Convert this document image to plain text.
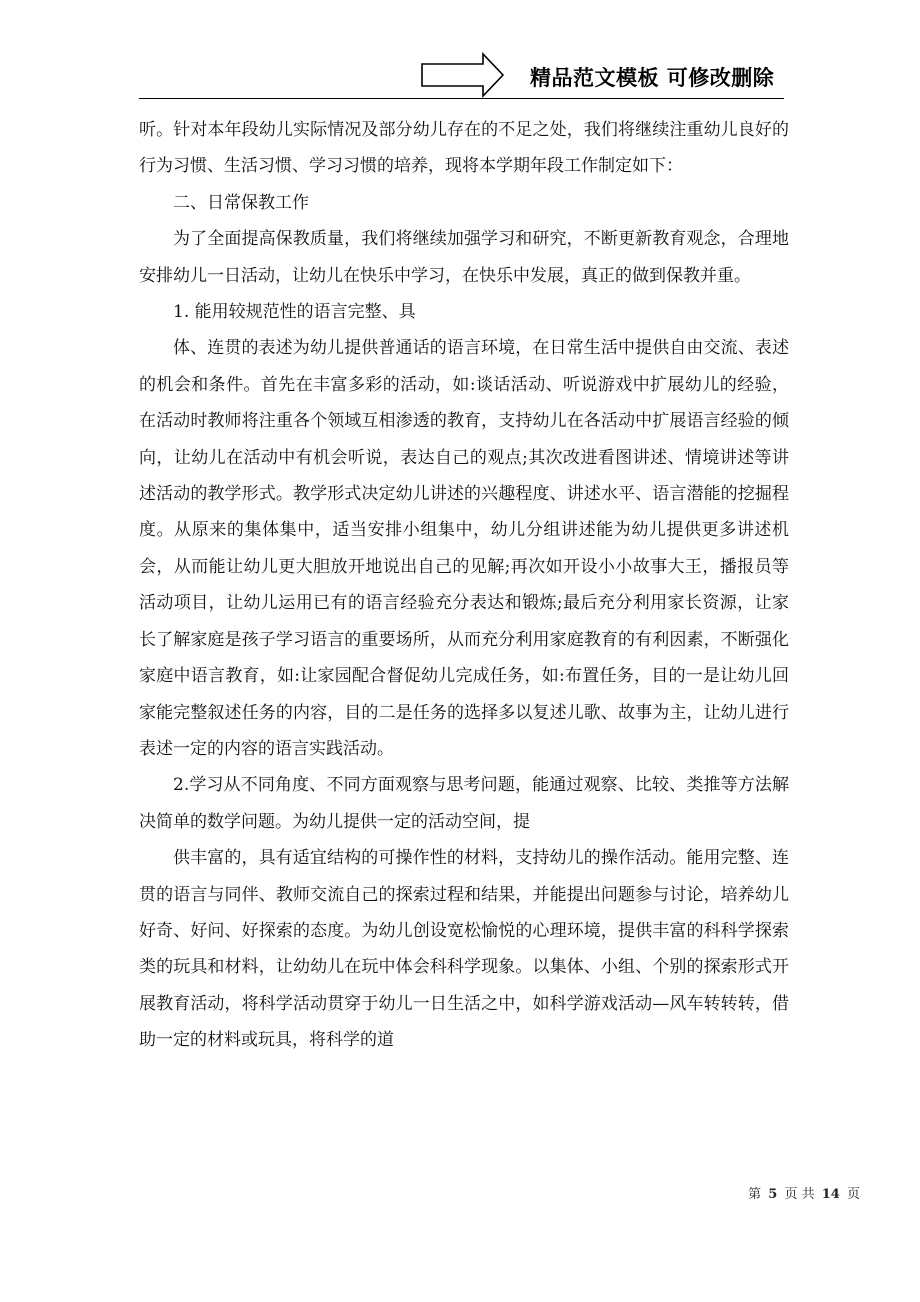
精品范文模板 可修改删除

听。针对本年段幼儿实际情况及部分幼儿存在的不足之处，我们将继续注重幼儿良好的行为习惯、生活习惯、学习习惯的培养，现将本学期年段工作制定如下：

二、日常保教工作

为了全面提高保教质量，我们将继续加强学习和研究，不断更新教育观念，合理地安排幼儿一日活动，让幼儿在快乐中学习，在快乐中发展，真正的做到保教并重。

1. 能用较规范性的语言完整、具

体、连贯的表述为幼儿提供普通话的语言环境，在日常生活中提供自由交流、表述的机会和条件。首先在丰富多彩的活动，如:谈话活动、听说游戏中扩展幼儿的经验，在活动时教师将注重各个领域互相渗透的教育，支持幼儿在各活动中扩展语言经验的倾向，让幼儿在活动中有机会听说，表达自己的观点;其次改进看图讲述、情境讲述等讲述活动的教学形式。教学形式决定幼儿讲述的兴趣程度、讲述水平、语言潜能的挖掘程度。从原来的集体集中，适当安排小组集中，幼儿分组讲述能为幼儿提供更多讲述机会，从而能让幼儿更大胆放开地说出自己的见解;再次如开设小小故事大王，播报员等活动项目，让幼儿运用已有的语言经验充分表达和锻炼;最后充分利用家长资源，让家长了解家庭是孩子学习语言的重要场所，从而充分利用家庭教育的有利因素，不断强化家庭中语言教育，如:让家园配合督促幼儿完成任务，如:布置任务，目的一是让幼儿回家能完整叙述任务的内容，目的二是任务的选择多以复述儿歌、故事为主，让幼儿进行表述一定的内容的语言实践活动。

2.学习从不同角度、不同方面观察与思考问题，能通过观察、比较、类推等方法解决简单的数学问题。为幼儿提供一定的活动空间，提

供丰富的，具有适宜结构的可操作性的材料，支持幼儿的操作活动。能用完整、连贯的语言与同伴、教师交流自己的探索过程和结果，并能提出问题参与讨论，培养幼儿好奇、好问、好探索的态度。为幼儿创设宽松愉悦的心理环境，提供丰富的科科学探索类的玩具和材料，让幼幼儿在玩中体会科科学现象。以集体、小组、个别的探索形式开展教育活动，将科学活动贯穿于幼儿一日生活之中，如科学游戏活动—风车转转转，借助一定的材料或玩具，将科学的道

第 5 页 共 14 页
